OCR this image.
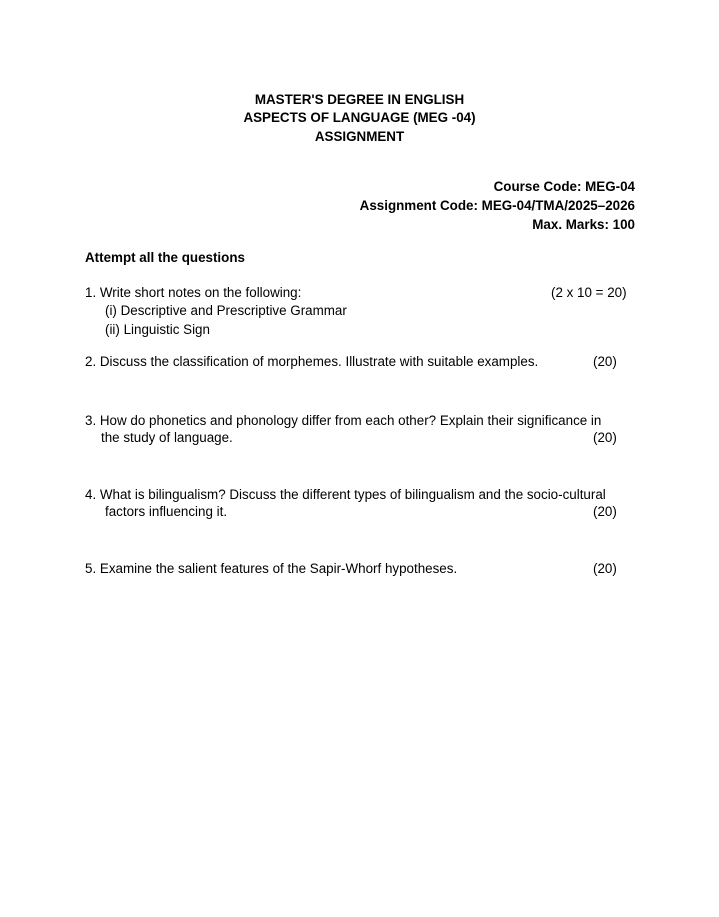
MASTER'S DEGREE IN ENGLISH
ASPECTS OF LANGUAGE (MEG -04)
ASSIGNMENT
Course Code: MEG-04
Assignment Code: MEG-04/TMA/2025–2026
Max. Marks: 100
Attempt all the questions
1. Write short notes on the following:	(2 x 10 = 20)
(i) Descriptive and Prescriptive Grammar
(ii) Linguistic Sign
2. Discuss the classification of morphemes. Illustrate with suitable examples.	(20)
3. How do phonetics and phonology differ from each other? Explain their significance in
the study of language.	(20)
4. What is bilingualism? Discuss the different types of bilingualism and the socio-cultural
factors influencing it.	(20)
5. Examine the salient features of the Sapir-Whorf hypotheses.	(20)
